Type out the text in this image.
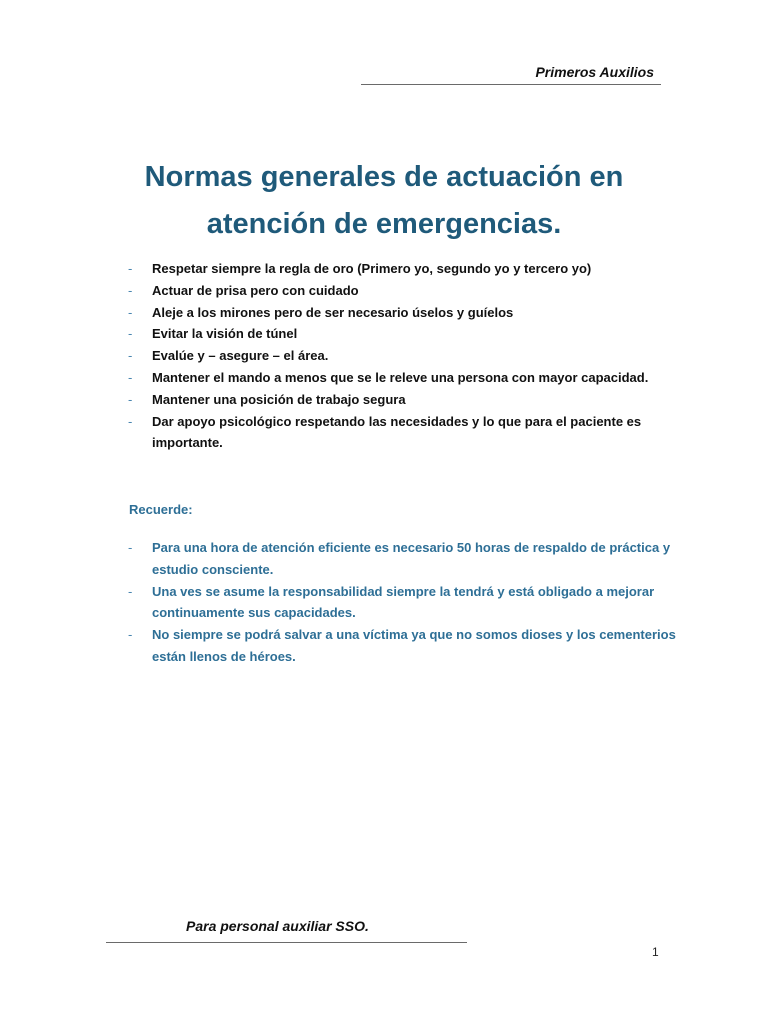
Primeros Auxilios
Normas generales de actuación en
atención de emergencias.
- Respetar siempre la regla de oro (Primero yo, segundo yo y tercero yo)
- Actuar de prisa pero con cuidado
- Aleje a los mirones pero de ser necesario úselos y guíelos
- Evitar la visión de túnel
- Evalúe y – asegure – el área.
- Mantener el mando a menos que se le releve una persona con mayor capacidad.
- Mantener una posición de trabajo segura
- Dar apoyo psicológico respetando las necesidades y lo que para el paciente es importante.
Recuerde:
- Para una hora de atención eficiente es necesario 50 horas de respaldo de práctica y estudio consciente.
- Una ves se asume la responsabilidad siempre la tendrá y está obligado a mejorar continuamente sus capacidades.
- No siempre se podrá salvar a una víctima ya que no somos dioses y los cementerios están llenos de héroes.
Para personal auxiliar SSO.
1
